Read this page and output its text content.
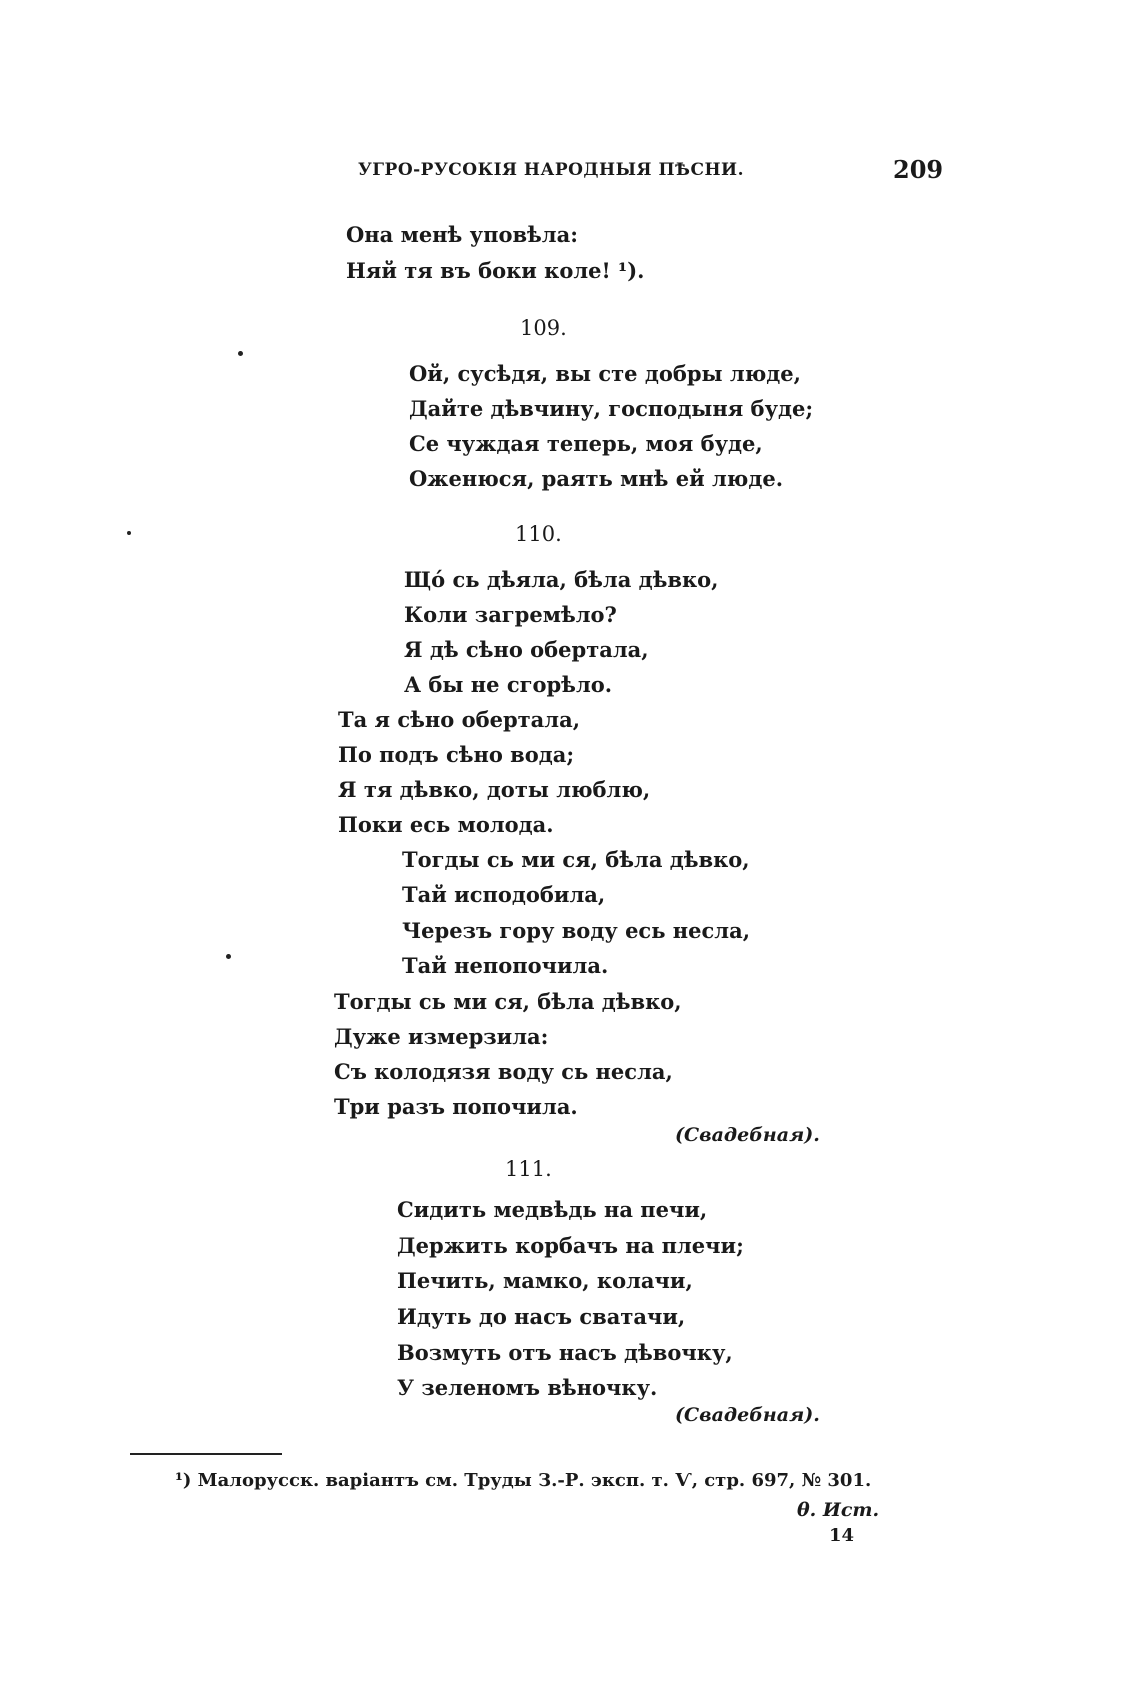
УГРО-РУСОКІЯ НАРОДНЫЯ ПѢСНИ.	209
Она менѣ уповѣла:
Няй тя въ боки коле! ¹).
109.
Ой, сусѣдя, вы сте добры люде,
Дайте дѣвчину, господыня буде;
Се чуждая теперь, моя буде,
Оженюся, раять мнѣ ей люде.
110.
Щó сь дѣяла, бѣла дѣвко,
Коли загремѣло?
Я дѣ сѣно обертала,
А бы не сгорѣло.
Та я сѣно обертала,
По подъ сѣно вода;
Я тя дѣвко, доты люблю,
Поки есь молода.
Тогды сь ми ся, бѣла дѣвко,
Тай исподобила,
Черезъ гору воду есь несла,
Тай непопочила.
Тогды сь ми ся, бѣла дѣвко,
Дуже измерзила:
Съ колодязя воду сь несла,
Три разъ попочила.
(Свадебная).
111.
Сидить медвѣдь на печи,
Держить корбачъ на плечи;
Печить, мамко, колачи,
Идуть до насъ сватачи,
Возмуть отъ насъ дѣвочку,
У зеленомъ вѣночку.
(Свадебная).
¹) Малорусск. варіантъ см. Труды З.-Р. эксп. т. Ѵ, стр. 697, № 301.
θ. Ист.
14
